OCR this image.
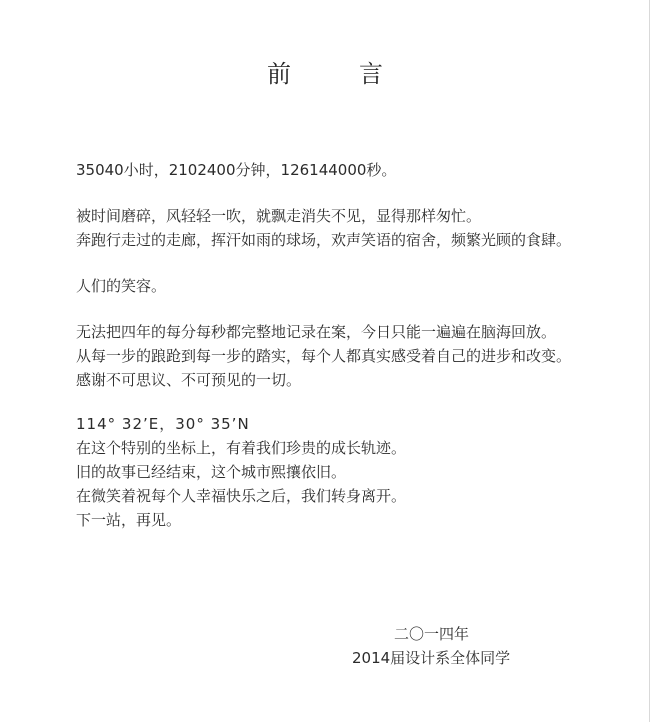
前　言
35040小时，2102400分钟，126144000秒。
被时间磨碎，风轻轻一吹，就飘走消失不见，显得那样匆忙。
奔跑行走过的走廊，挥汗如雨的球场，欢声笑语的宿舍，频繁光顾的食肆。
人们的笑容。
无法把四年的每分每秒都完整地记录在案，今日只能一遍遍在脑海回放。
从每一步的踉跄到每一步的踏实，每个人都真实感受着自己的进步和改变。
感谢不可思议、不可预见的一切。
114° 32’E，30° 35’N
在这个特别的坐标上，有着我们珍贵的成长轨迹。
旧的故事已经结束，这个城市熙攘依旧。
在微笑着祝每个人幸福快乐之后，我们转身离开。
下一站，再见。
二〇一四年
2014届设计系全体同学
